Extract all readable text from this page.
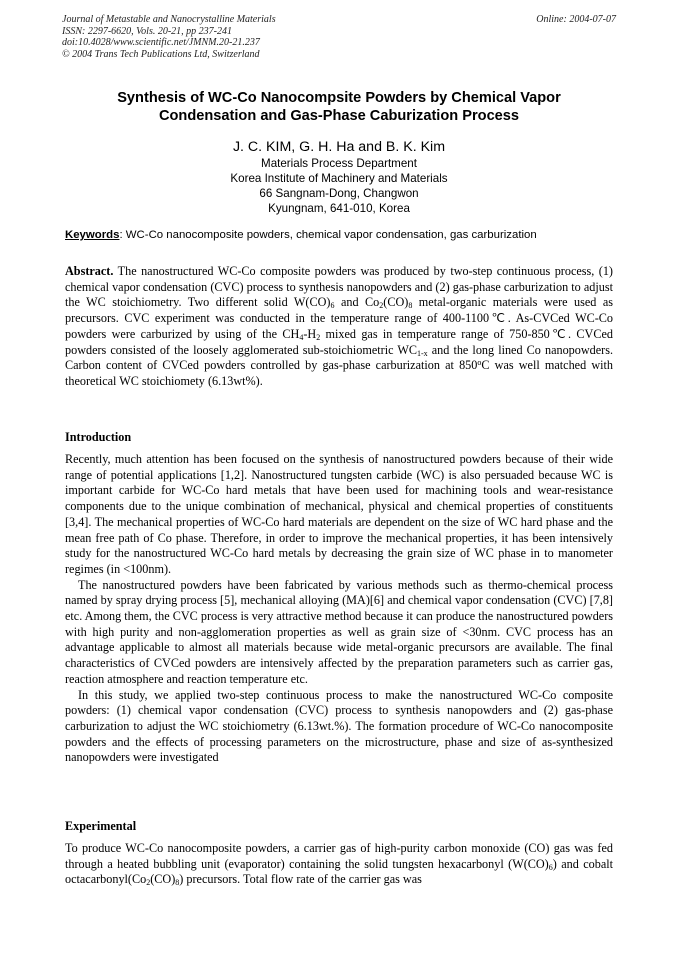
Journal of Metastable and Nanocrystalline Materials
ISSN: 2297-6620, Vols. 20-21, pp 237-241
doi:10.4028/www.scientific.net/JMNM.20-21.237
© 2004 Trans Tech Publications Ltd, Switzerland
Online: 2004-07-07
Synthesis of WC-Co Nanocompsite Powders by Chemical Vapor
Condensation and Gas-Phase Caburization Process
J. C. KIM, G. H. Ha and B. K. Kim
Materials Process Department
Korea Institute of Machinery and Materials
66 Sangnam-Dong, Changwon
Kyungnam, 641-010, Korea
Keywords: WC-Co nanocomposite powders, chemical vapor condensation, gas carburization

Abstract. The nanostructured WC-Co composite powders was produced by two-step continuous process, (1) chemical vapor condensation (CVC) process to synthesis nanopowders and (2) gas-phase carburization to adjust the WC stoichiometry. Two different solid $W(CO)_6$ and $Co_2(CO)_8$ metal-organic materials were used as precursors. CVC experiment was conducted in the temperature range of 400-1100℃. As-CVCed WC-Co powders were carburized by using of the $CH_4-H_2$ mixed gas in temperature range of 750-850℃. CVCed powders consisted of the loosely agglomerated sub-stoichiometric $WC_{1-x}$ and the long lined Co nanopowders. Carbon content of CVCed powders controlled by gas-phase carburization at 850$^o$C was well matched with theoretical WC stoichiomety (6.13wt%).

Introduction

Recently, much attention has been focused on the synthesis of nanostructured powders because of their wide range of potential applications [1,2]. Nanostructured tungsten carbide (WC) is also persuaded because WC is important carbide for WC-Co hard metals that have been used for machining tools and wear-resistance components due to the unique combination of mechanical, physical and chemical properties of constituents [3,4]. The mechanical properties of WC-Co hard materials are dependent on the size of WC hard phase and the mean free path of Co phase. Therefore, in order to improve the mechanical properties, it has been intensively study for the nanostructured WC-Co hard metals by decreasing the grain size of WC phase in to manometer regimes (in <100nm).

The nanostructured powders have been fabricated by various methods such as thermo-chemical process named by spray drying process [5], mechanical alloying (MA)[6] and chemical vapor condensation (CVC) [7,8] etc. Among them, the CVC process is very attractive method because it can produce the nanostructured powders with high purity and non-agglomeration properties as well as grain size of <30nm. CVC process has an advantage applicable to almost all materials because wide metal-organic precursors are available. The final characteristics of CVCed powders are intensively affected by the preparation parameters such as carrier gas, reaction atmosphere and reaction temperature etc.

In this study, we applied two-step continuous process to make the nanostructured WC-Co composite powders: (1) chemical vapor condensation (CVC) process to synthesis nanopowders and (2) gas-phase carburization to adjust the WC stoichiometry (6.13wt.%). The formation procedure of WC-Co nanocomposite powders and the effects of processing parameters on the microstructure, phase and size of as-synthesized nanopowders were investigated

Experimental

To produce WC-Co nanocomposite powders, a carrier gas of high-purity carbon monoxide (CO) gas was fed through a heated bubbling unit (evaporator) containing the solid tungsten hexacarbonyl $(W(CO)_6)$ and cobalt $octacarbonyl(Co_2(CO)_8)$ precursors. Total flow rate of the carrier gas was
